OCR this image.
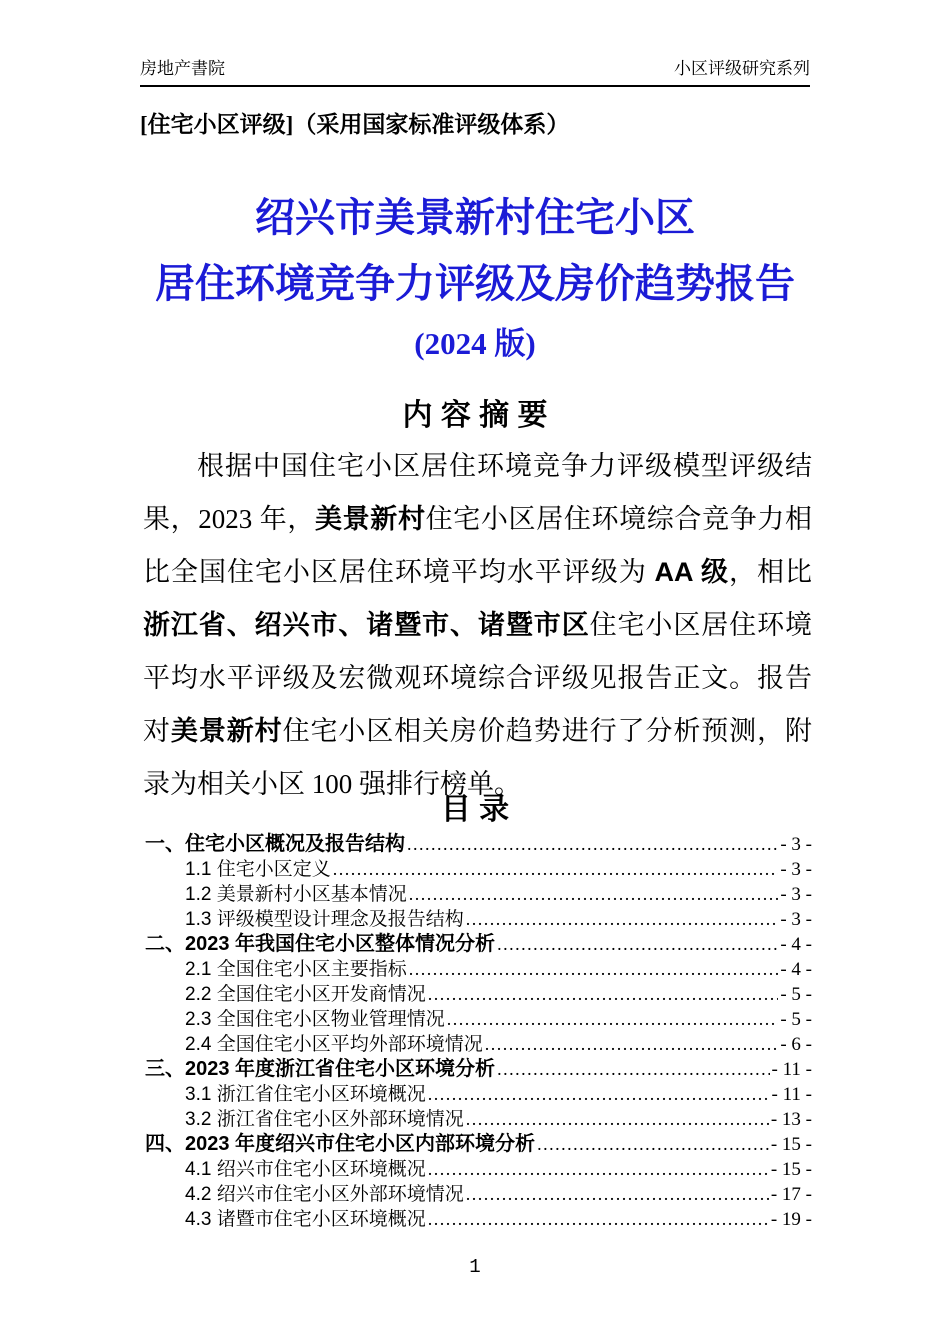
房地产書院	小区评级研究系列
[住宅小区评级]（采用国家标准评级体系）
绍兴市美景新村住宅小区
居住环境竞争力评级及房价趋势报告
(2024 版)
内 容 摘 要

根据中国住宅小区居住环境竞争力评级模型评级结果，2023 年，美景新村住宅小区居住环境综合竞争力相比全国住宅小区居住环境平均水平评级为 AA 级，相比浙江省、绍兴市、诸暨市、诸暨市区住宅小区居住环境平均水平评级及宏微观环境综合评级见报告正文。报告对美景新村住宅小区相关房价趋势进行了分析预测，附录为相关小区 100 强排行榜单。

目 录
一、住宅小区概况及报告结构 .....	- 3 -
1.1 住宅小区定义 .....	- 3 -
1.2 美景新村小区基本情况 .....	- 3 -
1.3 评级模型设计理念及报告结构 .....	- 3 -
二、2023 年我国住宅小区整体情况分析 .....	- 4 -
2.1 全国住宅小区主要指标 .....	- 4 -
2.2 全国住宅小区开发商情况 .....	- 5 -
2.3 全国住宅小区物业管理情况 .....	- 5 -
2.4 全国住宅小区平均外部环境情况 .....	- 6 -
三、2023 年度浙江省住宅小区环境分析 .....	- 11 -
3.1 浙江省住宅小区环境概况 .....	- 11 -
3.2 浙江省住宅小区外部环境情况 .....	- 13 -
四、2023 年度绍兴市住宅小区内部环境分析 .....	- 15 -
4.1 绍兴市住宅小区环境概况 .....	- 15 -
4.2 绍兴市住宅小区外部环境情况 .....	- 17 -
4.3 诸暨市住宅小区环境概况 .....	- 19 -
1
